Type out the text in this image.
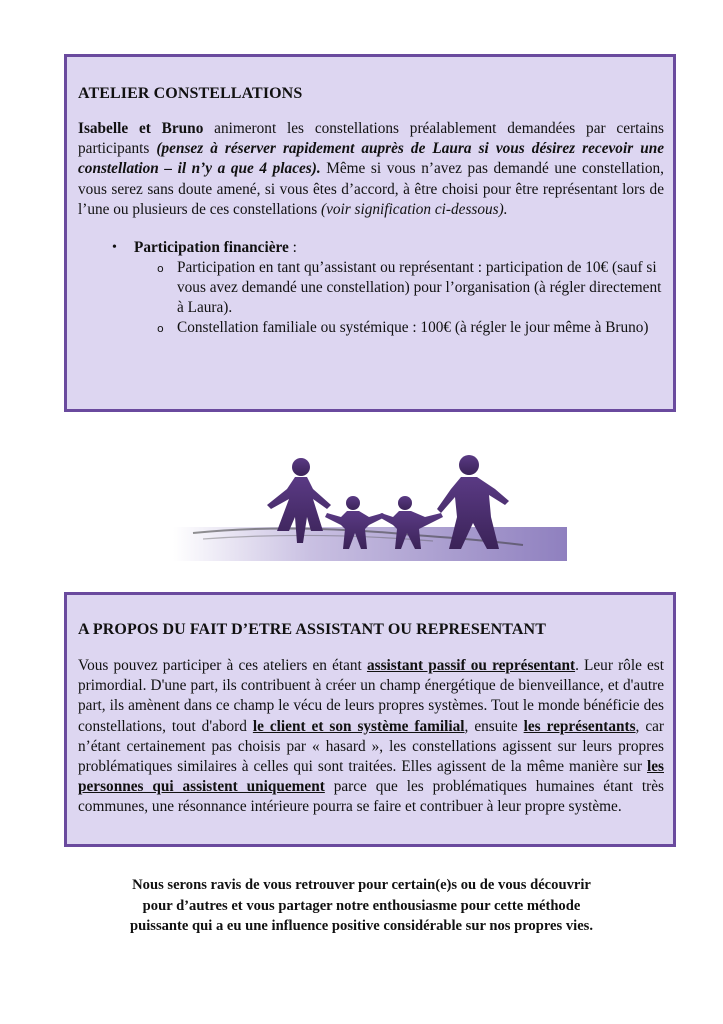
ATELIER CONSTELLATIONS

Isabelle et Bruno animeront les constellations préalablement demandées par certains participants (pensez à réserver rapidement auprès de Laura si vous désirez recevoir une constellation – il n’y a que 4 places). Même si vous n’avez pas demandé une constellation, vous serez sans doute amené, si vous êtes d’accord, à être choisi pour être représentant lors de l’une ou plusieurs de ces constellations (voir signification ci-dessous).

• Participation financière :
o Participation en tant qu’assistant ou représentant : participation de 10€ (sauf si vous avez demandé une constellation) pour l’organisation (à régler directement à Laura).
o Constellation familiale ou systémique : 100€ (à régler le jour même à Bruno)
A PROPOS DU FAIT D’ETRE ASSISTANT OU REPRESENTANT

Vous pouvez participer à ces ateliers en étant assistant passif ou représentant. Leur rôle est primordial. D'une part, ils contribuent à créer un champ énergétique de bienveillance, et d'autre part, ils amènent dans ce champ le vécu de leurs propres systèmes. Tout le monde bénéficie des constellations, tout d'abord le client et son système familial, ensuite les représentants, car n’étant certainement pas choisis par « hasard », les constellations agissent sur leurs propres problématiques similaires à celles qui sont traitées. Elles agissent de la même manière sur les personnes qui assistent uniquement parce que les problématiques humaines étant très communes, une résonnance intérieure pourra se faire et contribuer à leur propre système.

Nous serons ravis de vous retrouver pour certain(e)s ou de vous découvrir
pour d’autres et vous partager notre enthousiasme pour cette méthode
puissante qui a eu une influence positive considérable sur nos propres vies.
